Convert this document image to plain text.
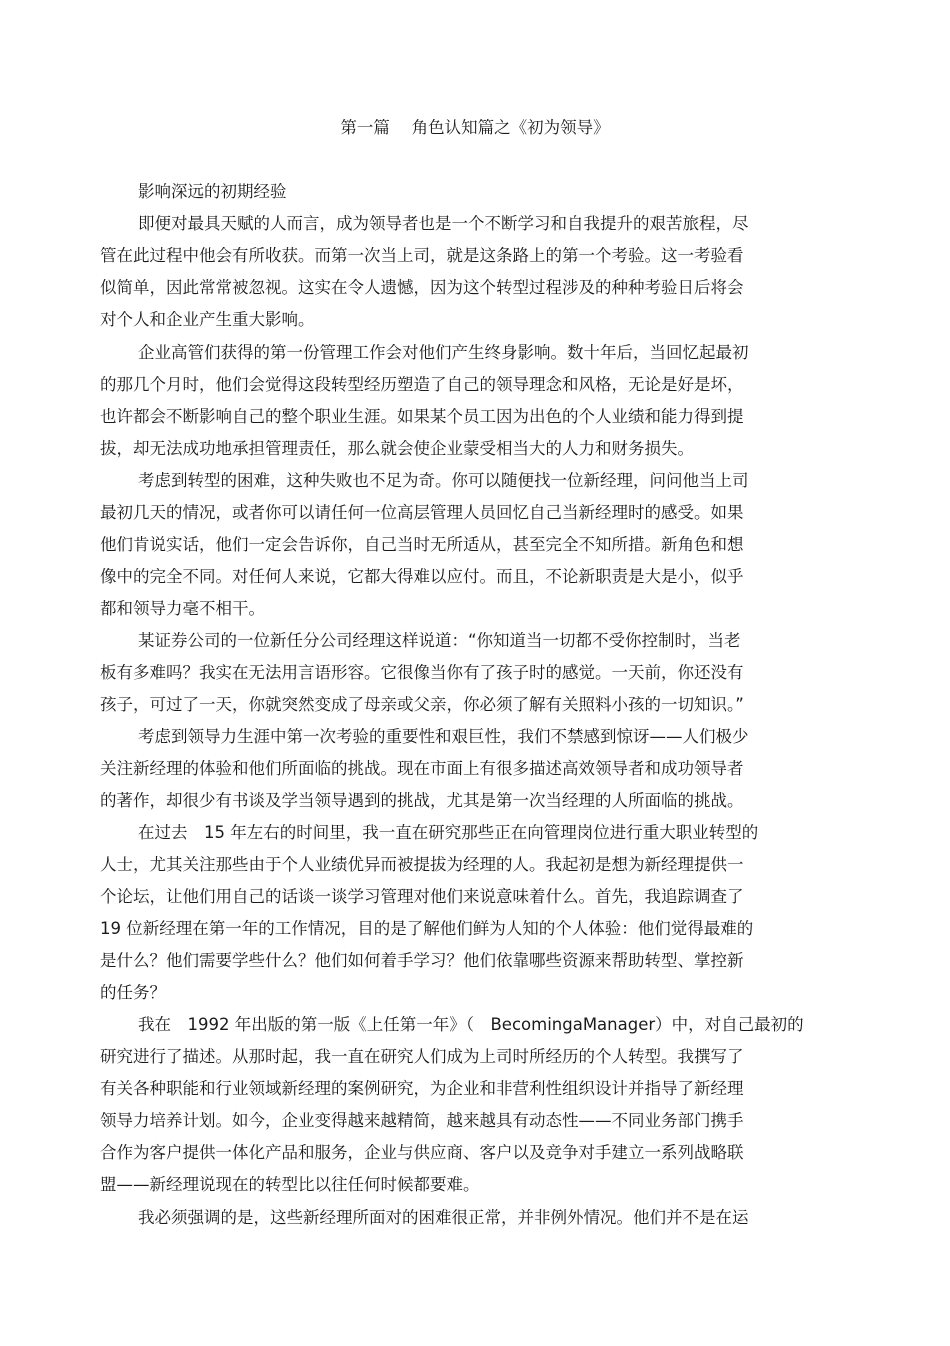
第一篇　 角色认知篇之《初为领导》
影响深远的初期经验
即便对最具天赋的人而言，成为领导者也是一个不断学习和自我提升的艰苦旅程，尽
管在此过程中他会有所收获。而第一次当上司，就是这条路上的第一个考验。这一考验看
似简单，因此常常被忽视。这实在令人遗憾，因为这个转型过程涉及的种种考验日后将会
对个人和企业产生重大影响。
企业高管们获得的第一份管理工作会对他们产生终身影响。数十年后，当回忆起最初
的那几个月时，他们会觉得这段转型经历塑造了自己的领导理念和风格，无论是好是坏，
也许都会不断影响自己的整个职业生涯。如果某个员工因为出色的个人业绩和能力得到提
拔，却无法成功地承担管理责任，那么就会使企业蒙受相当大的人力和财务损失。
考虑到转型的困难，这种失败也不足为奇。你可以随便找一位新经理，问问他当上司
最初几天的情况，或者你可以请任何一位高层管理人员回忆自己当新经理时的感受。如果
他们肯说实话，他们一定会告诉你，自己当时无所适从，甚至完全不知所措。新角色和想
像中的完全不同。对任何人来说，它都大得难以应付。而且，不论新职责是大是小，似乎
都和领导力毫不相干。
某证券公司的一位新任分公司经理这样说道：“你知道当一切都不受你控制时，当老
板有多难吗？我实在无法用言语形容。它很像当你有了孩子时的感觉。一天前，你还没有
孩子，可过了一天，你就突然变成了母亲或父亲，你必须了解有关照料小孩的一切知识。”
考虑到领导力生涯中第一次考验的重要性和艰巨性，我们不禁感到惊讶——人们极少
关注新经理的体验和他们所面临的挑战。现在市面上有很多描述高效领导者和成功领导者
的著作，却很少有书谈及学当领导遇到的挑战，尤其是第一次当经理的人所面临的挑战。
在过去　15 年左右的时间里，我一直在研究那些正在向管理岗位进行重大职业转型的
人士，尤其关注那些由于个人业绩优异而被提拔为经理的人。我起初是想为新经理提供一
个论坛，让他们用自己的话谈一谈学习管理对他们来说意味着什么。首先，我追踪调查了
19 位新经理在第一年的工作情况，目的是了解他们鲜为人知的个人体验：他们觉得最难的
是什么？他们需要学些什么？他们如何着手学习？他们依靠哪些资源来帮助转型、掌控新
的任务？
我在　1992 年出版的第一版《上任第一年》（　BecomingaManager）中，对自己最初的
研究进行了描述。从那时起，我一直在研究人们成为上司时所经历的个人转型。我撰写了
有关各种职能和行业领域新经理的案例研究，为企业和非营利性组织设计并指导了新经理
领导力培养计划。如今，企业变得越来越精简，越来越具有动态性——不同业务部门携手
合作为客户提供一体化产品和服务，企业与供应商、客户以及竞争对手建立一系列战略联
盟——新经理说现在的转型比以往任何时候都要难。
我必须强调的是，这些新经理所面对的困难很正常，并非例外情况。他们并不是在运
